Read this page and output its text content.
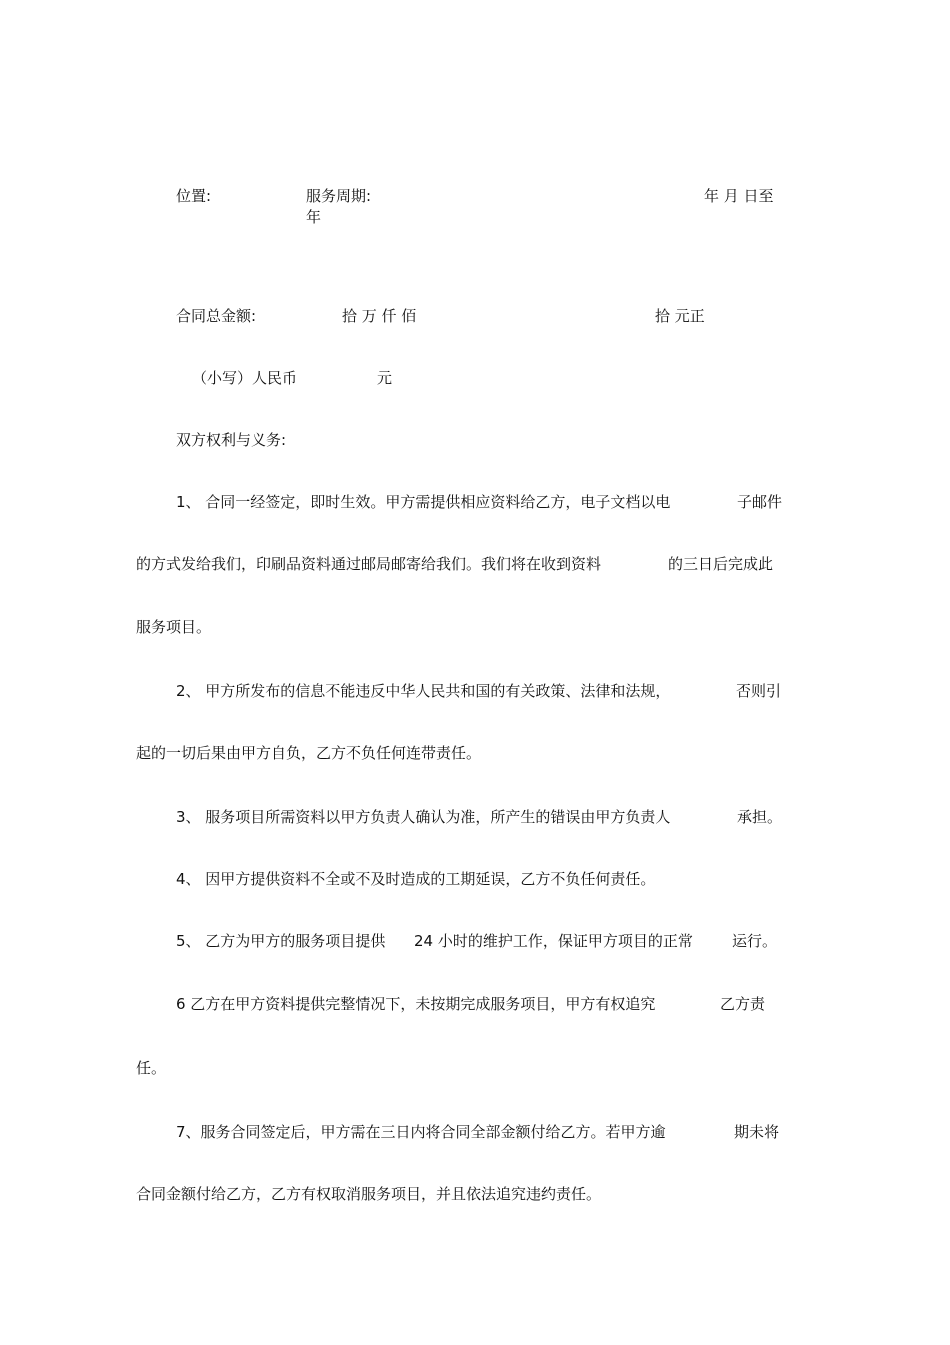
位置:	服务周期:	年 月 日至
年
合同总金额:	拾 万 仟 佰	拾 元正
（小写）人民币	元
双方权利与义务:
1、 合同一经签定，即时生效。甲方需提供相应资料给乙方，电子文档以电	子邮件
的方式发给我们，印刷品资料通过邮局邮寄给我们。我们将在收到资料	的三日后完成此
服务项目。
2、 甲方所发布的信息不能违反中华人民共和国的有关政策、法律和法规，	否则引
起的一切后果由甲方自负，乙方不负任何连带责任。
3、 服务项目所需资料以甲方负责人确认为准，所产生的错误由甲方负责人	承担。
4、 因甲方提供资料不全或不及时造成的工期延误，乙方不负任何责任。
5、 乙方为甲方的服务项目提供 24 小时的维护工作，保证甲方项目的正常	运行。
6 乙方在甲方资料提供完整情况下，未按期完成服务项目，甲方有权追究	乙方责
任。
7、服务合同签定后，甲方需在三日内将合同全部金额付给乙方。若甲方逾	期未将
合同金额付给乙方，乙方有权取消服务项目，并且依法追究违约责任。
